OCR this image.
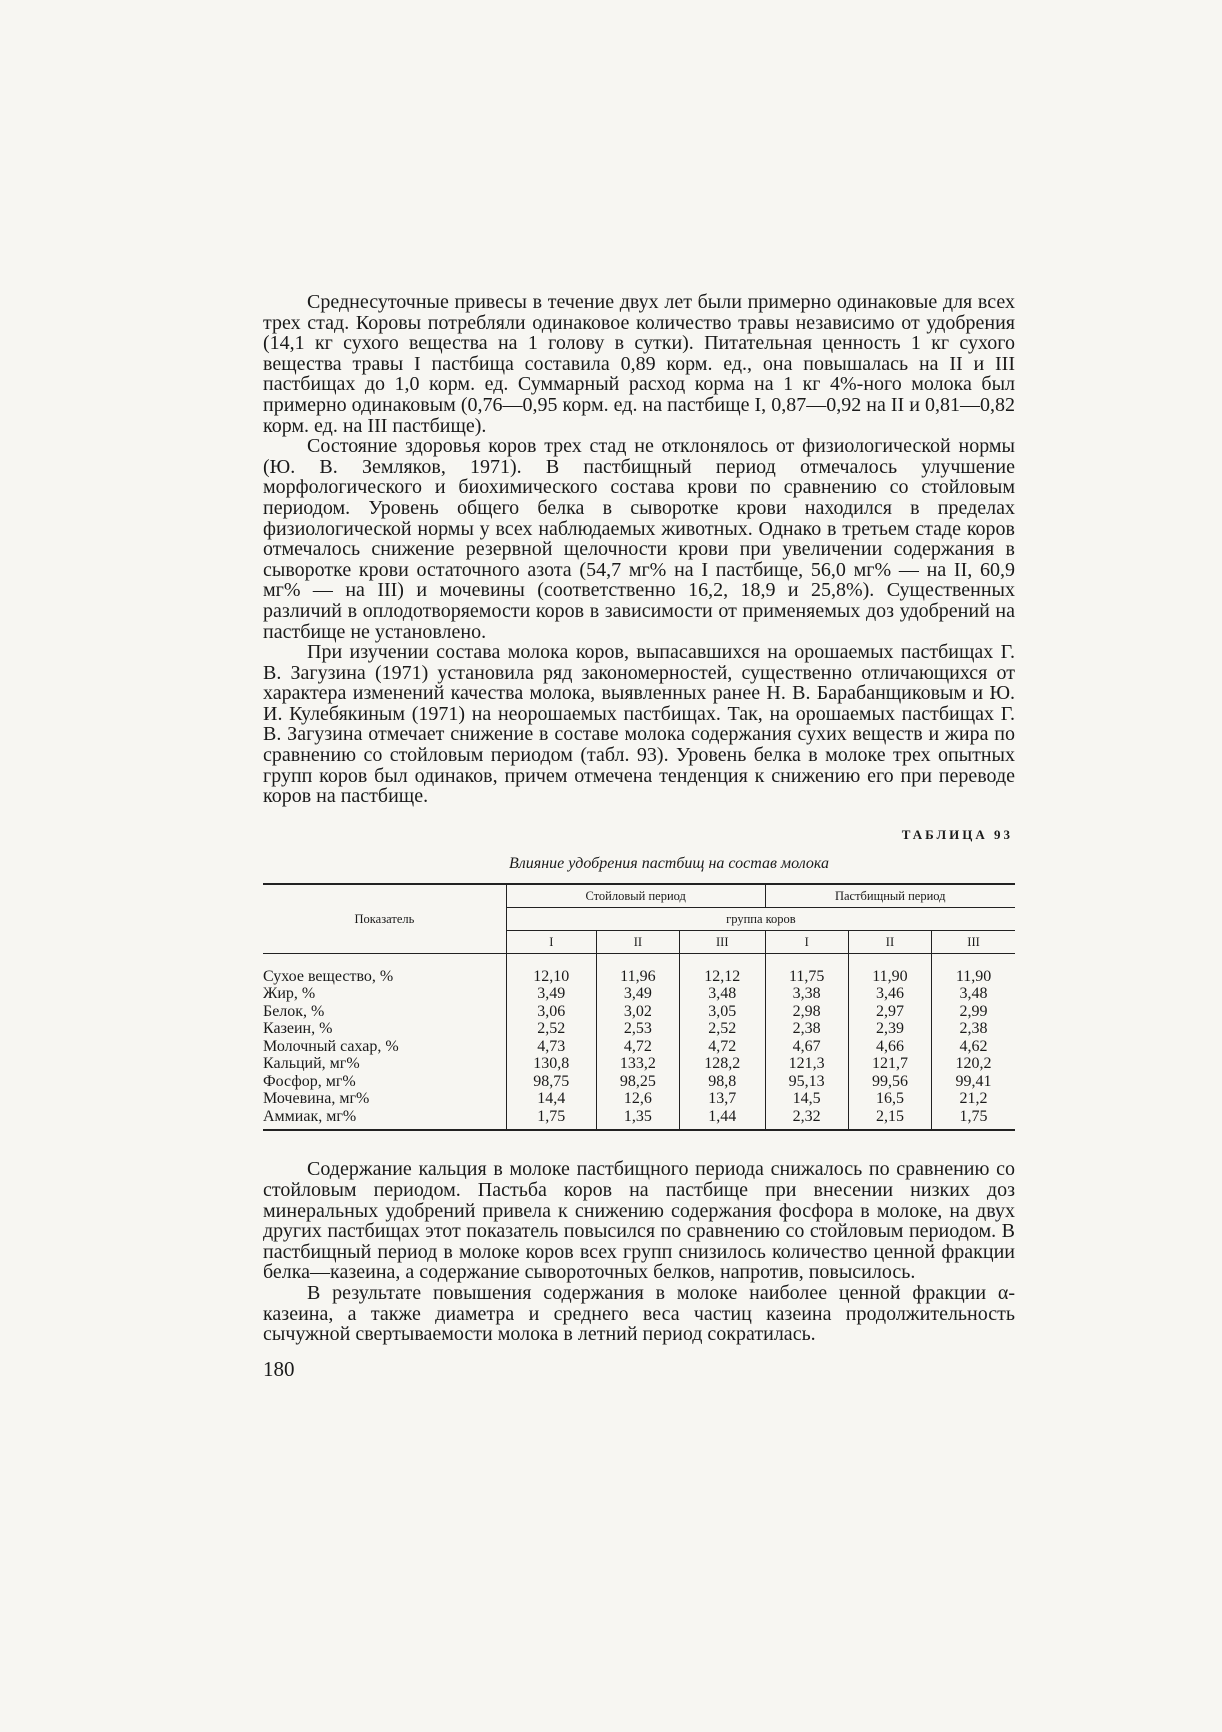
Среднесуточные привесы в течение двух лет были примерно одинаковые для всех трех стад. Коровы потребляли одинаковое количество травы независимо от удобрения (14,1 кг сухого вещества на 1 голову в сутки). Питательная ценность 1 кг сухого вещества травы I пастбища составила 0,89 корм. ед., она повышалась на II и III пастбищах до 1,0 корм. ед. Суммарный расход корма на 1 кг 4%-ного молока был примерно одинаковым (0,76—0,95 корм. ед. на пастбище I, 0,87—0,92 на II и 0,81—0,82 корм. ед. на III пастбище).

Состояние здоровья коров трех стад не отклонялось от физиологической нормы (Ю. В. Земляков, 1971). В пастбищный период отмечалось улучшение морфологического и биохимического состава крови по сравнению со стойловым периодом. Уровень общего белка в сыворотке крови находился в пределах физиологической нормы у всех наблюдаемых животных. Однако в третьем стаде коров отмечалось снижение резервной щелочности крови при увеличении содержания в сыворотке крови остаточного азота (54,7 мг% на I пастбище, 56,0 мг% — на II, 60,9 мг% — на III) и мочевины (соответственно 16,2, 18,9 и 25,8%). Существенных различий в оплодотворяемости коров в зависимости от применяемых доз удобрений на пастбище не установлено.

При изучении состава молока коров, выпасавшихся на орошаемых пастбищах Г. В. Загузина (1971) установила ряд закономерностей, существенно отличающихся от характера изменений качества молока, выявленных ранее Н. В. Барабанщиковым и Ю. И. Кулебякиным (1971) на неорошаемых пастбищах. Так, на орошаемых пастбищах Г. В. Загузина отмечает снижение в составе молока содержания сухих веществ и жира по сравнению со стойловым периодом (табл. 93). Уровень белка в молоке трех опытных групп коров был одинаков, причем отмечена тенденция к снижению его при переводе коров на пастбище.

ТАБЛИЦА 93
Влияние удобрения пастбищ на состав молока
Показатель	Стойловый период			Пастбищный период		
	группа коров					
	I	II	III	I	II	III
Сухое вещество, %	12,10	11,96	12,12	11,75	11,90	11,90
Жир, %	3,49	3,49	3,48	3,38	3,46	3,48
Белок, %	3,06	3,02	3,05	2,98	2,97	2,99
Казеин, %	2,52	2,53	2,52	2,38	2,39	2,38
Молочный сахар, %	4,73	4,72	4,72	4,67	4,66	4,62
Кальций, мг%	130,8	133,2	128,2	121,3	121,7	120,2
Фосфор, мг%	98,75	98,25	98,8	95,13	99,56	99,41
Мочевина, мг%	14,4	12,6	13,7	14,5	16,5	21,2
Аммиак, мг%	1,75	1,35	1,44	2,32	2,15	1,75

Содержание кальция в молоке пастбищного периода снижалось по сравнению со стойловым периодом. Пастьба коров на пастбище при внесении низких доз минеральных удобрений привела к снижению содержания фосфора в молоке, на двух других пастбищах этот показатель повысился по сравнению со стойловым периодом. В пастбищный период в молоке коров всех групп снизилось количество ценной фракции белка—казеина, а содержание сывороточных белков, напротив, повысилось.

В результате повышения содержания в молоке наиболее ценной фракции α-казеина, а также диаметра и среднего веса частиц казеина продолжительность сычужной свертываемости молока в летний период сократилась.

180
